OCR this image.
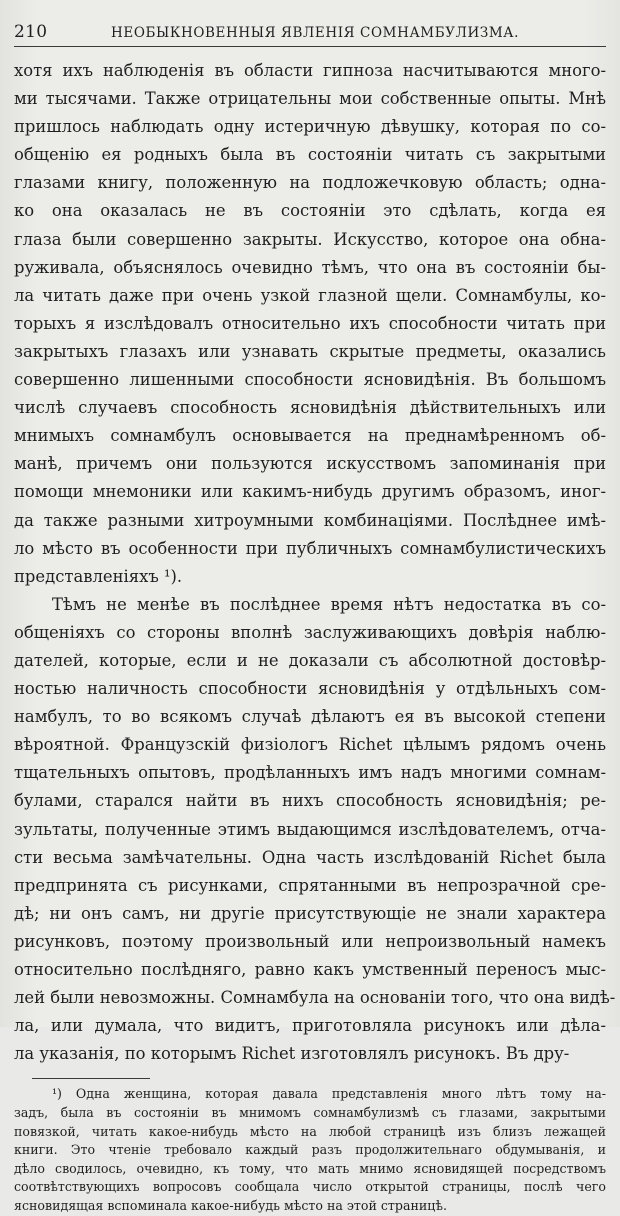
210	НЕОБЫКНОВЕННЫЯ ЯВЛЕНІЯ СОМНАМБУЛИЗМА.
хотя ихъ наблюденія въ области гипноза насчитываются много-
ми тысячами. Также отрицательны мои собственные опыты. Мнѣ
пришлось наблюдать одну истеричную дѣвушку, которая по со-
общенію ея родныхъ была въ состояніи читать съ закрытыми
глазами книгу, положенную на подложечковую область; одна-
ко она оказалась не въ состояніи это сдѣлать, когда ея
глаза были совершенно закрыты. Искусство, которое она обна-
руживала, объяснялось очевидно тѣмъ, что она въ состояніи бы-
ла читать даже при очень узкой глазной щели. Сомнамбулы, ко-
торыхъ я изслѣдовалъ относительно ихъ способности читать при
закрытыхъ глазахъ или узнавать скрытые предметы, оказались
совершенно лишенными способности ясновидѣнія. Въ большомъ
числѣ случаевъ способность ясновидѣнія дѣйствительныхъ или
мнимыхъ сомнамбулъ основывается на преднамѣренномъ об-
манѣ, причемъ они пользуются искусствомъ запоминанія при
помощи мнемоники или какимъ-нибудь другимъ образомъ, иног-
да также разными хитроумными комбинаціями. Послѣднее имѣ-
ло мѣсто въ особенности при публичныхъ сомнамбулистическихъ
представленіяхъ ¹).
Тѣмъ не менѣе въ послѣднее время нѣтъ недостатка въ со-
общеніяхъ со стороны вполнѣ заслуживающихъ довѣрія наблю-
дателей, которые, если и не доказали съ абсолютной достовѣр-
ностью наличность способности ясновидѣнія у отдѣльныхъ сом-
намбулъ, то во всякомъ случаѣ дѣлаютъ ея въ высокой степени
вѣроятной. Французскій физіологъ Richet цѣлымъ рядомъ очень
тщательныхъ опытовъ, продѣланныхъ имъ надъ многими сомнам-
булами, старался найти въ нихъ способность ясновидѣнія; ре-
зультаты, полученные этимъ выдающимся изслѣдователемъ, отча-
сти весьма замѣчательны. Одна часть изслѣдованій Richet была
предпринята съ рисунками, спрятанными въ непрозрачной сре-
дѣ; ни онъ самъ, ни другіе присутствующіе не знали характера
рисунковъ, поэтому произвольный или непроизвольный намекъ
относительно послѣдняго, равно какъ умственный переносъ мыс-
лей были невозможны. Сомнамбула на основаніи того, что она видѣ-
ла, или думала, что видитъ, приготовляла рисунокъ или дѣла-
ла указанія, по которымъ Richet изготовлялъ рисунокъ. Въ дру-
¹) Одна женщина, которая давала представленія много лѣтъ тому на-
задъ, была въ состояніи въ мнимомъ сомнамбулизмѣ съ глазами, закрытыми
повязкой, читать какое-нибудь мѣсто на любой страницѣ изъ близъ лежащей
книги. Это чтеніе требовало каждый разъ продолжительнаго обдумыванія, и
дѣло сводилось, очевидно, къ тому, что мать мнимо ясновидящей посредствомъ
соотвѣтствующихъ вопросовъ сообщала число открытой страницы, послѣ чего
ясновидящая вспоминала какое-нибудь мѣсто на этой страницѣ.
